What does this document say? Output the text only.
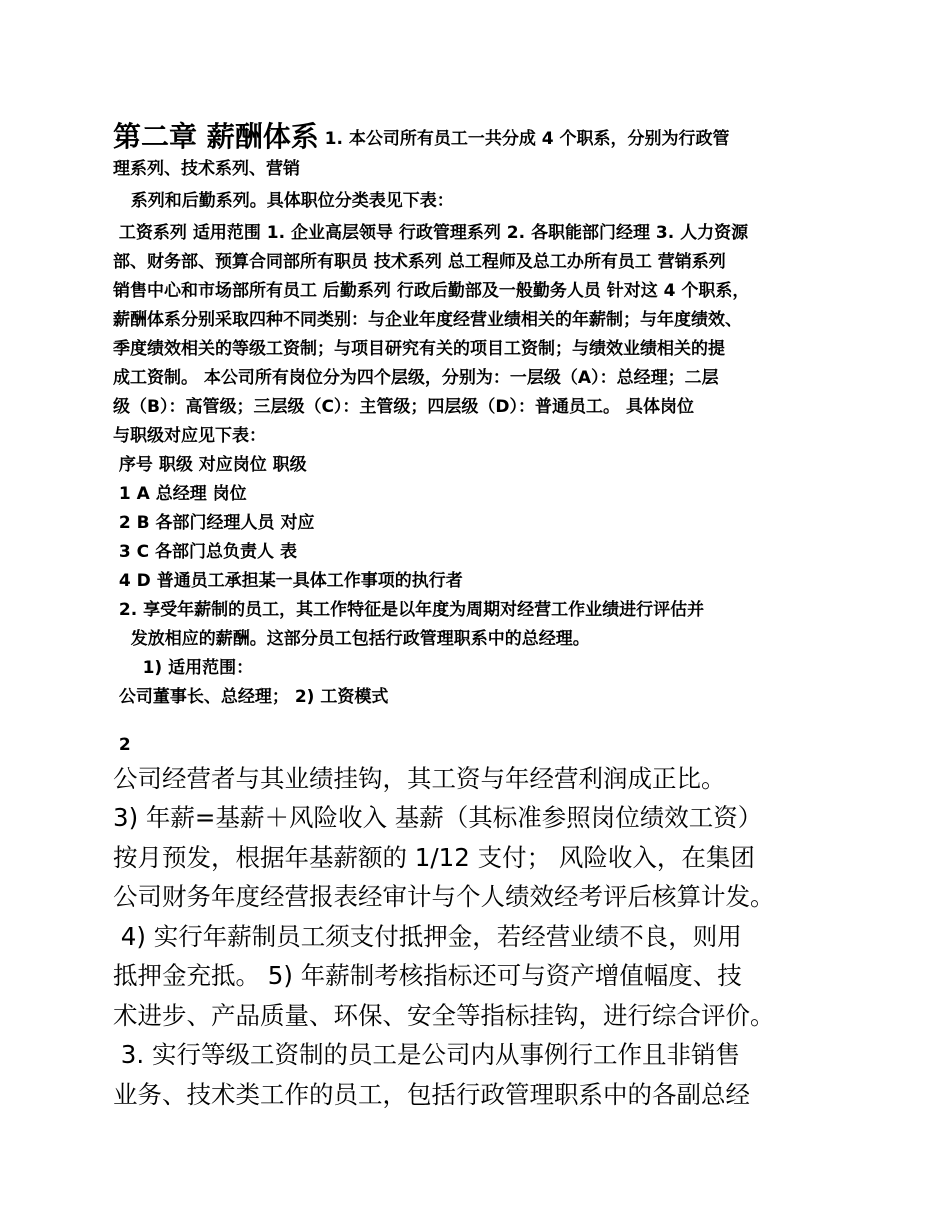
第二章 薪酬体系 1. 本公司所有员工一共分成 4 个职系，分别为行政管
理系列、技术系列、营销
系列和后勤系列。具体职位分类表见下表：
工资系列 适用范围 1. 企业高层领导 行政管理系列 2. 各职能部门经理 3. 人力资源
部、财务部、预算合同部所有职员 技术系列 总工程师及总工办所有员工 营销系列
销售中心和市场部所有员工 后勤系列 行政后勤部及一般勤务人员 针对这 4 个职系，
薪酬体系分别采取四种不同类别：与企业年度经营业绩相关的年薪制；与年度绩效、
季度绩效相关的等级工资制；与项目研究有关的项目工资制；与绩效业绩相关的提
成工资制。 本公司所有岗位分为四个层级，分别为：一层级（A）：总经理；二层
级（B）：高管级；三层级（C）：主管级；四层级（D）：普通员工。 具体岗位
与职级对应见下表：
序号 职级 对应岗位 职级
1 A 总经理 岗位
2 B 各部门经理人员 对应
3 C 各部门总负责人 表
4 D 普通员工承担某一具体工作事项的执行者
2. 享受年薪制的员工，其工作特征是以年度为周期对经营工作业绩进行评估并
发放相应的薪酬。这部分员工包括行政管理职系中的总经理。
1) 适用范围：
公司董事长、总经理； 2) 工资模式
2
公司经营者与其业绩挂钩，其工资与年经营利润成正比。
3) 年薪=基薪＋风险收入 基薪（其标准参照岗位绩效工资）
按月预发，根据年基薪额的 1/12 支付； 风险收入，在集团
公司财务年度经营报表经审计与个人绩效经考评后核算计发。
4) 实行年薪制员工须支付抵押金，若经营业绩不良，则用
抵押金充抵。 5) 年薪制考核指标还可与资产增值幅度、技
术进步、产品质量、环保、安全等指标挂钩，进行综合评价。
3. 实行等级工资制的员工是公司内从事例行工作且非销售
业务、技术类工作的员工，包括行政管理职系中的各副总经
